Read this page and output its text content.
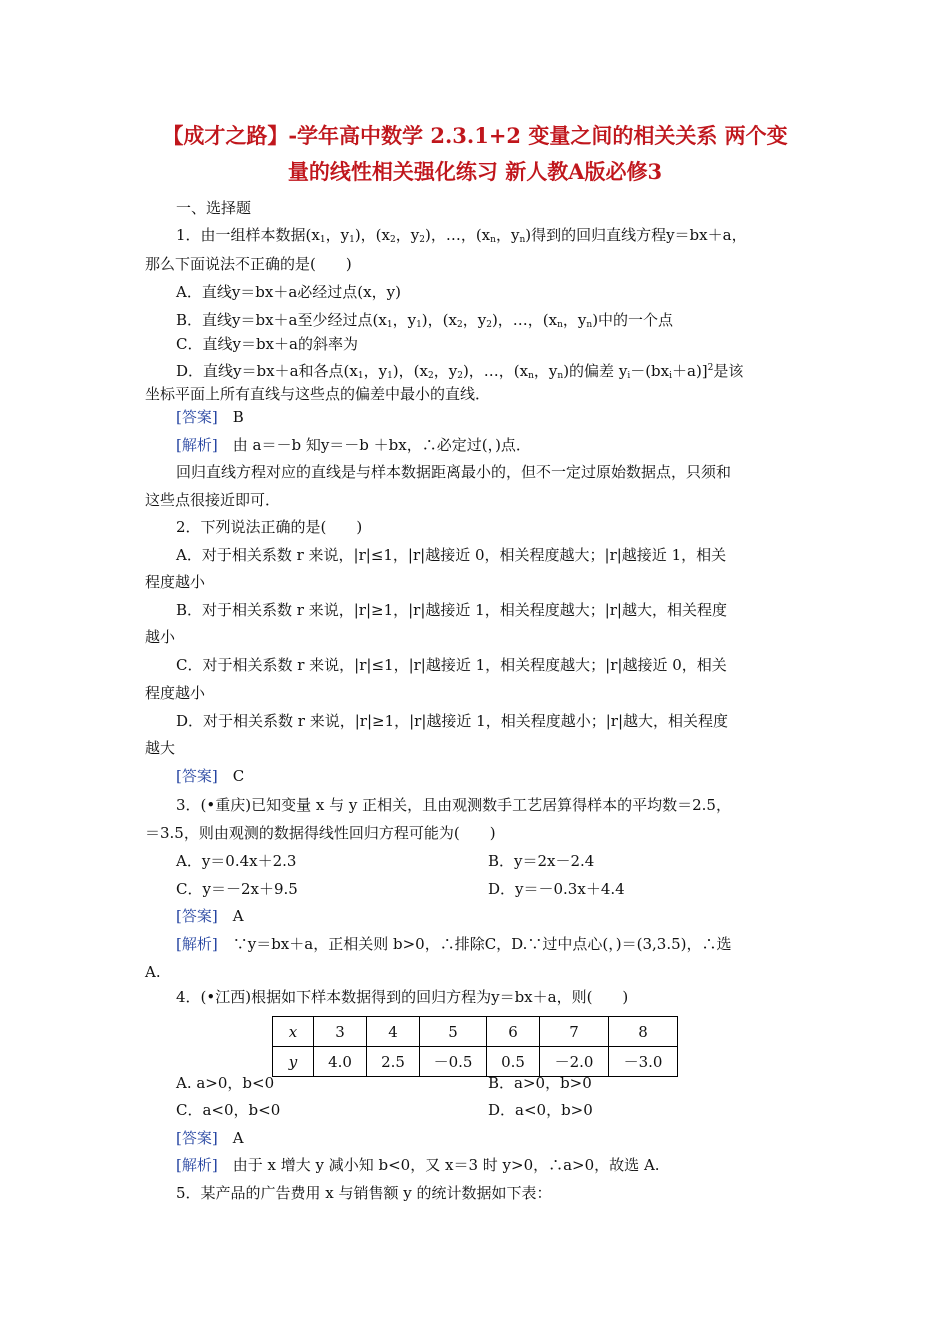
【成才之路】-学年高中数学 2.3.1+2 变量之间的相关关系 两个变
量的线性相关强化练习 新人教A版必修3
一、选择题
1．由一组样本数据($x_1$，$y_1$)，($x_2$，$y_2$)，…，($x_n$，$y_n$)得到的回归直线方程y＝bx＋a，
那么下面说法不正确的是(　　)
A．直线y＝bx＋a必经过点(x，y)
B．直线y＝bx＋a至少经过点($x_1$，$y_1$)，($x_2$，$y_2$)，…，($x_n$，$y_n$)中的一个点
C．直线y＝bx＋a的斜率为
D．直线y＝bx＋a和各点($x_1$，$y_1$)，($x_2$，$y_2$)，…，($x_n$，$y_n$)的偏差 $y_i-(bx_i+a)]^2$是该
坐标平面上所有直线与这些点的偏差中最小的直线．
[答案]　 B
[解析]　 由 a＝－b 知y＝－b ＋bx，∴必定过(，)点．
回归直线方程对应的直线是与样本数据距离最小的，但不一定过原始数据点，只须和
这些点很接近即可．
2．下列说法正确的是(　　)
A．对于相关系数 r 来说，|r|≤1，|r|越接近 0，相关程度越大；|r|越接近 1，相关
程度越小
B．对于相关系数 r 来说，|r|≥1，|r|越接近 1，相关程度越大；|r|越大，相关程度
越小
C．对于相关系数 r 来说，|r|≤1，|r|越接近 1，相关程度越大；|r|越接近 0，相关
程度越小
D．对于相关系数 r 来说，|r|≥1，|r|越接近 1，相关程度越小；|r|越大，相关程度
越大
[答案]　 C
3．(•重庆)已知变量 x 与 y 正相关，且由观测数手工艺居算得样本的平均数＝2.5，
＝3.5，则由观测的数据得线性回归方程可能为(　　)
A．y＝0.4x＋2.3	B．y＝2x－2.4
C．y＝－2x＋9.5	D．y＝－0.3x＋4.4
[答案]　 A
[解析]　 ∵y＝bx＋a，正相关则 b>0，∴排除C，D.∵过中点心(，)＝(3,3.5)，∴选
A.
4．(•江西)根据如下样本数据得到的回归方程为y＝bx＋a，则(　　)
x	3	4	5	6	7	8
y	4.0	2.5	－0.5	0.5	－2.0	－3.0
A. a>0，b<0	B．a>0，b>0
C．a<0，b<0	D．a<0，b>0
[答案]　 A
[解析]　 由于 x 增大 y 减小知 b<0，又 x＝3 时 y>0，∴a>0，故选 A.
5．某产品的广告费用 x 与销售额 y 的统计数据如下表：
